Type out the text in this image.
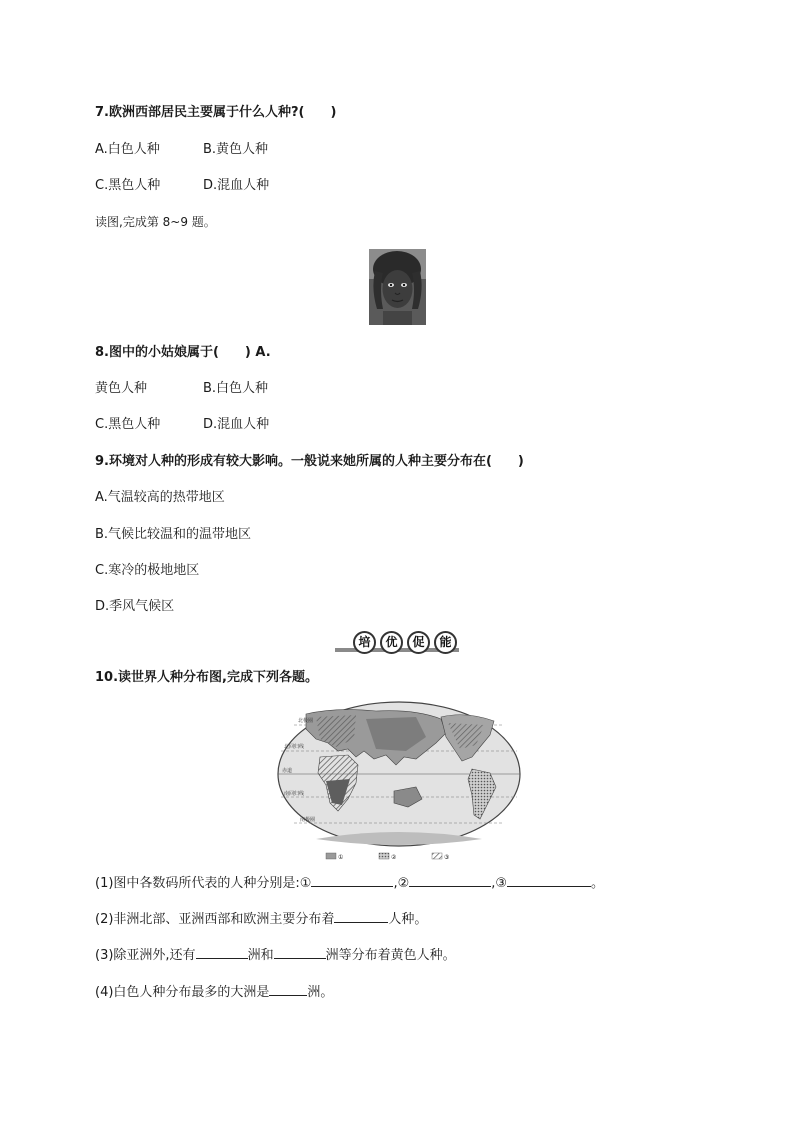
7.欧洲西部居民主要属于什么人种?(　　)
A.白色人种	B.黄色人种
C.黑色人种	D.混血人种
读图,完成第 8~9 题。
8.图中的小姑娘属于(　　) A.
黄色人种	B.白色人种
C.黑色人种	D.混血人种
9.环境对人种的形成有较大影响。一般说来她所属的人种主要分布在(　　)
A.气温较高的热带地区
B.气候比较温和的温带地区
C.寒冷的极地地区
D.季风气候区
培	优	促	能
10.读世界人种分布图,完成下列各题。
北极圈
北回归线
赤道
南回归线
南极圈
①	②	③
(1)图中各数码所代表的人种分别是:①	,②	,③	。
(2)非洲北部、亚洲西部和欧洲主要分布着	人种。
(3)除亚洲外,还有	洲和	洲等分布着黄色人种。
(4)白色人种分布最多的大洲是	洲。
